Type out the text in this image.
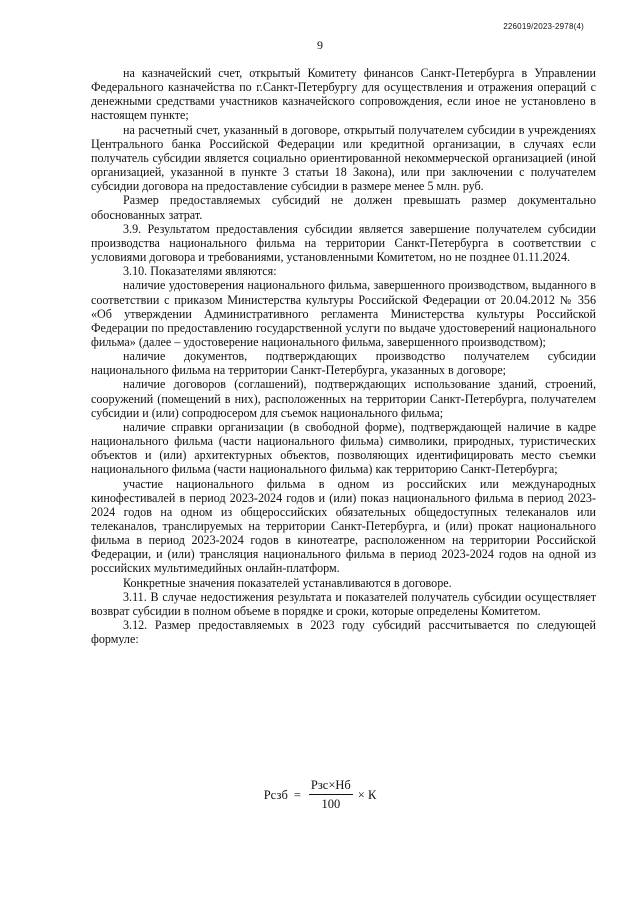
226019/2023-2978(4)
9

на казначейский счет, открытый Комитету финансов Санкт-Петербурга в Управлении Федерального казначейства по г.Санкт-Петербургу для осуществления и отражения операций с денежными средствами участников казначейского сопровождения, если иное не установлено в настоящем пункте;

на расчетный счет, указанный в договоре, открытый получателем субсидии в учреждениях Центрального банка Российской Федерации или кредитной организации, в случаях если получатель субсидии является социально ориентированной некоммерческой организацией (иной организацией, указанной в пункте 3 статьи 18 Закона), или при заключении с получателем субсидии договора на предоставление субсидии в размере менее 5 млн. руб.

Размер предоставляемых субсидий не должен превышать размер документально обоснованных затрат.

3.9. Результатом предоставления субсидии является завершение получателем субсидии производства национального фильма на территории Санкт-Петербурга в соответствии с условиями договора и требованиями, установленными Комитетом, но не позднее 01.11.2024.

3.10. Показателями являются:

наличие удостоверения национального фильма, завершенного производством, выданного в соответствии с приказом Министерства культуры Российской Федерации от 20.04.2012 № 356 «Об утверждении Административного регламента Министерства культуры Российской Федерации по предоставлению государственной услуги по выдаче удостоверений национального фильма» (далее – удостоверение национального фильма, завершенного производством);

наличие документов, подтверждающих производство получателем субсидии национального фильма на территории Санкт-Петербурга, указанных в договоре;

наличие договоров (соглашений), подтверждающих использование зданий, строений, сооружений (помещений в них), расположенных на территории Санкт-Петербурга, получателем субсидии и (или) сопродюсером для съемок национального фильма;

наличие справки организации (в свободной форме), подтверждающей наличие в кадре национального фильма (части национального фильма) символики, природных, туристических объектов и (или) архитектурных объектов, позволяющих идентифицировать место съемки национального фильма (части национального фильма) как территорию Санкт-Петербурга;

участие национального фильма в одном из российских или международных кинофестивалей в период 2023-2024 годов и (или) показ национального фильма в период 2023-2024 годов на одном из общероссийских обязательных общедоступных телеканалов или телеканалов, транслируемых на территории Санкт-Петербурга, и (или) прокат национального фильма в период 2023-2024 годов в кинотеатре, расположенном на территории Российской Федерации, и (или) трансляция национального фильма в период 2023-2024 годов на одной из российских мультимедийных онлайн-платформ.

Конкретные значения показателей устанавливаются в договоре.

3.11. В случае недостижения результата и показателей получатель субсидии осуществляет возврат субсидии в полном объеме в порядке и сроки, которые определены Комитетом.

3.12. Размер предоставляемых в 2023 году субсидий рассчитывается по следующей формуле:

Рсзб = $\frac{\text{Рзс×Нб}}{100} \times К$
